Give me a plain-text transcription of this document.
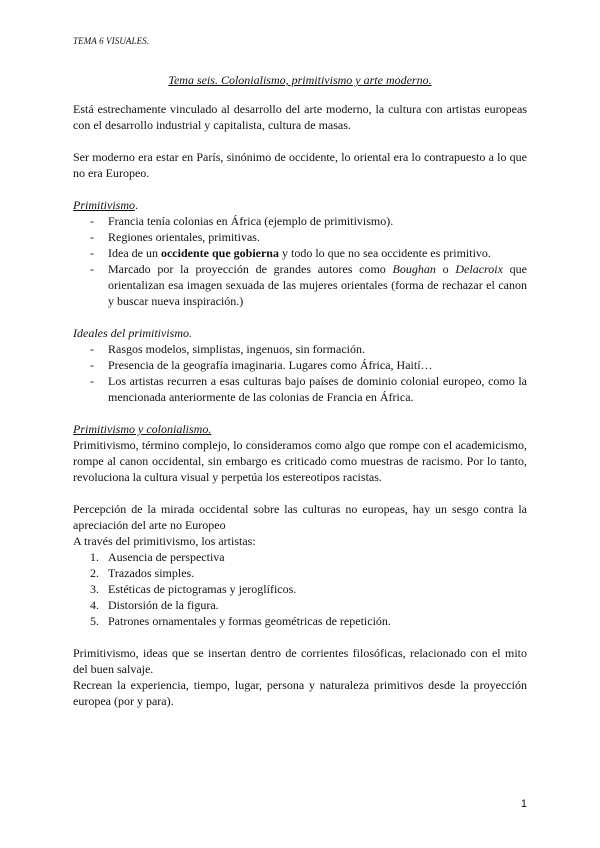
TEMA 6 VISUALES.
Tema seis. Colonialismo, primitivismo y arte moderno.

Está estrechamente vinculado al desarrollo del arte moderno, la cultura con artistas europeas con el desarrollo industrial y capitalista, cultura de masas.

Ser moderno era estar en París, sinónimo de occidente, lo oriental era lo contrapuesto a lo que no era Europeo.

Primitivismo.

- Francia tenía colonias en África (ejemplo de primitivismo).
- Regiones orientales, primitivas.
- Idea de un occidente que gobierna y todo lo que no sea occidente es primitivo.
- Marcado por la proyección de grandes autores como Boughan o Delacroix que orientalizan esa imagen sexuada de las mujeres orientales (forma de rechazar el canon y buscar nueva inspiración.)

Ideales del primitivismo.

- Rasgos modelos, simplistas, ingenuos, sin formación.
- Presencia de la geografía imaginaria. Lugares como África, Haití…
- Los artistas recurren a esas culturas bajo países de dominio colonial europeo, como la mencionada anteriormente de las colonias de Francia en África.

Primitivismo y colonialismo.

Primitivismo, término complejo, lo consideramos como algo que rompe con el academicismo, rompe al canon occidental, sin embargo es criticado como muestras de racismo. Por lo tanto, revoluciona la cultura visual y perpetúa los estereotipos racistas.

Percepción de la mirada occidental sobre las culturas no europeas, hay un sesgo contra la apreciación del arte no Europeo

A través del primitivismo, los artistas:

1. Ausencia de perspectiva
2. Trazados simples.
3. Estéticas de pictogramas y jeroglíficos.
4. Distorsión de la figura.
5. Patrones ornamentales y formas geométricas de repetición.

Primitivismo, ideas que se insertan dentro de corrientes filosóficas, relacionado con el mito del buen salvaje.

Recrean la experiencia, tiempo, lugar, persona y naturaleza primitivos desde la proyección europea (por y para).

1
